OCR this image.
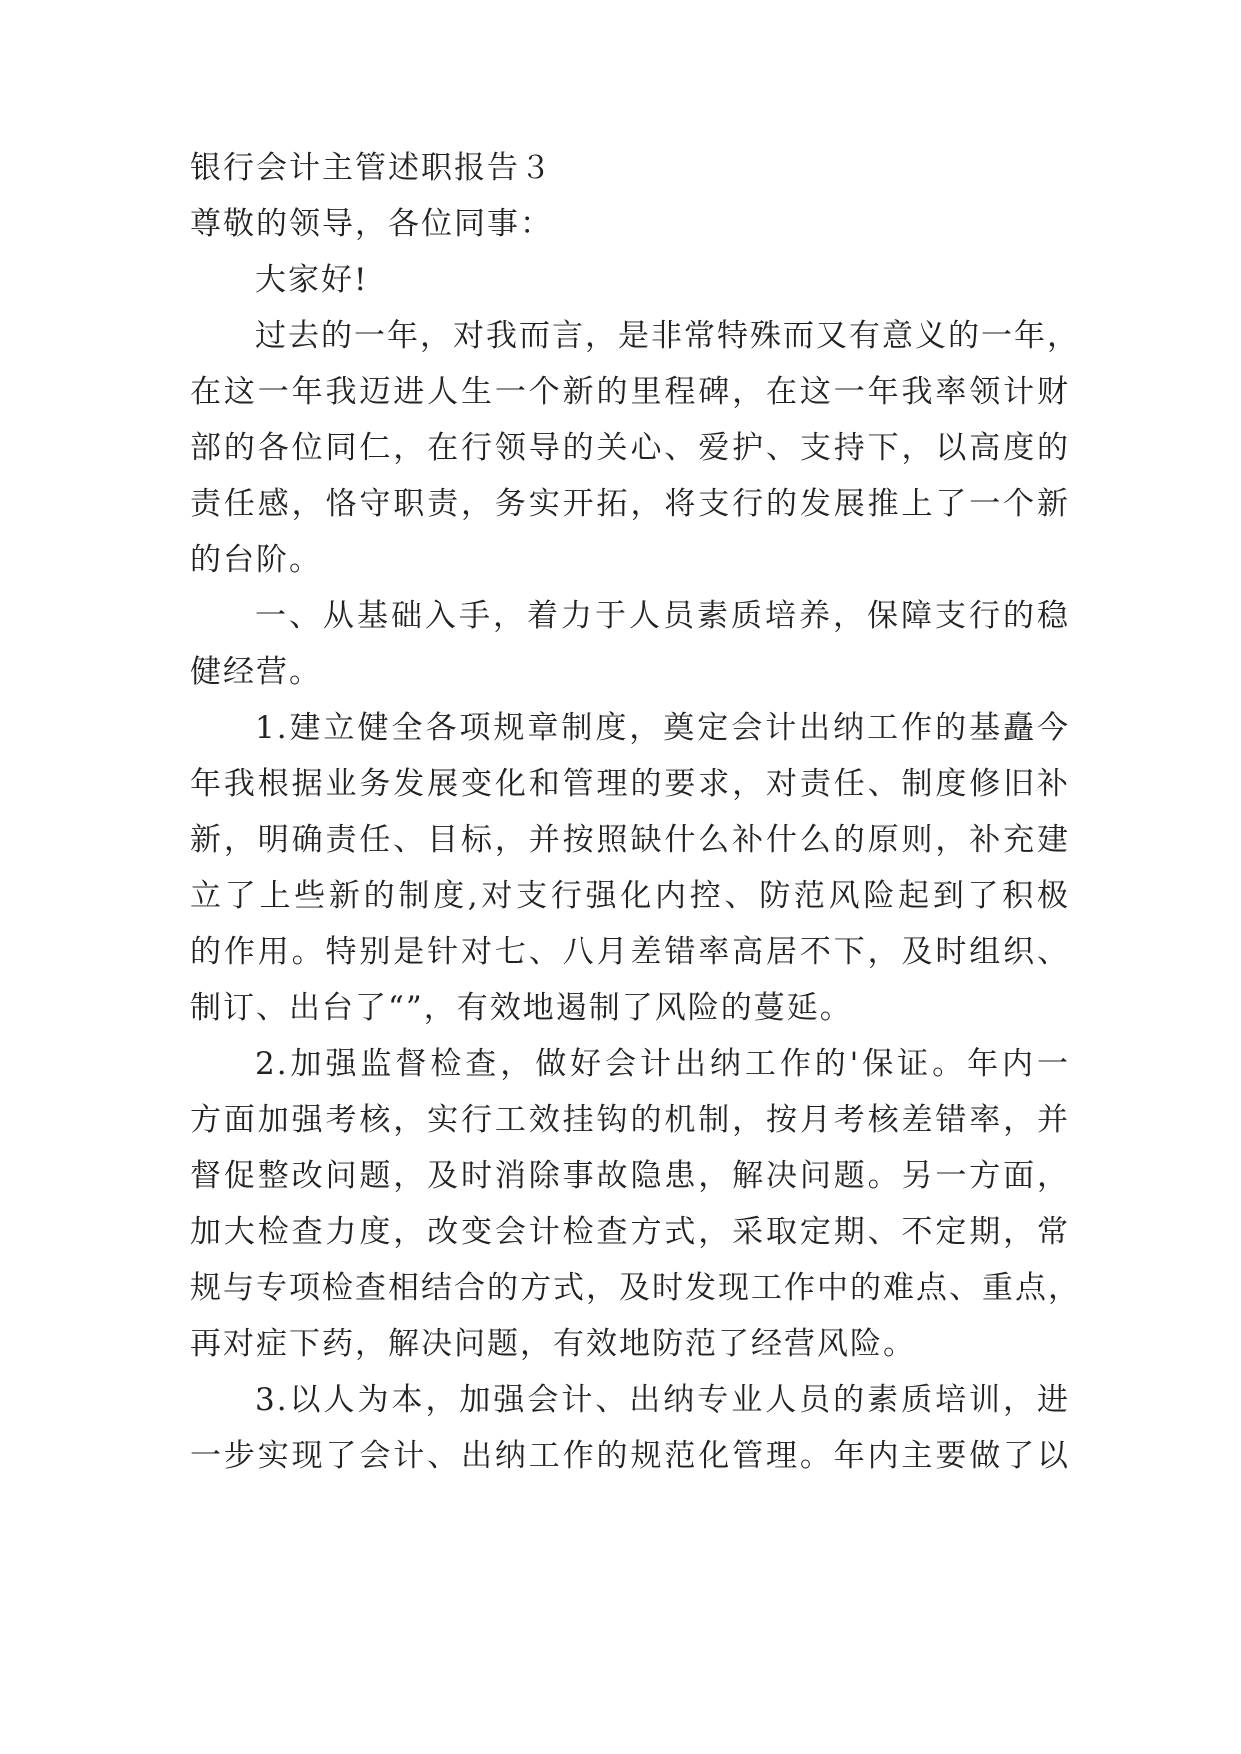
银行会计主管述职报告３
尊敬的领导，各位同事：
大家好!
过去的一年，对我而言，是非常特殊而又有意义的一年，
在这一年我迈进人生一个新的里程碑，在这一年我率领计财
部的各位同仁，在行领导的关心、爱护、支持下，以高度的
责任感，恪守职责，务实开拓，将支行的发展推上了一个新
的台阶。
一、从基础入手，着力于人员素质培养，保障支行的稳
健经营。
1.建立健全各项规章制度，奠定会计出纳工作的基矗今
年我根据业务发展变化和管理的要求，对责任、制度修旧补
新，明确责任、目标，并按照缺什么补什么的原则，补充建
立了上些新的制度,对支行强化内控、防范风险起到了积极
的作用。特别是针对七、八月差错率高居不下，及时组织、
制订、出台了“”，有效地遏制了风险的蔓延。
2.加强监督检查，做好会计出纳工作的'保证。年内一
方面加强考核，实行工效挂钩的机制，按月考核差错率，并
督促整改问题，及时消除事故隐患，解决问题。另一方面，
加大检查力度，改变会计检查方式，采取定期、不定期，常
规与专项检查相结合的方式，及时发现工作中的难点、重点，
再对症下药，解决问题，有效地防范了经营风险。
3.以人为本，加强会计、出纳专业人员的素质培训，进
一步实现了会计、出纳工作的规范化管理。年内主要做了以
